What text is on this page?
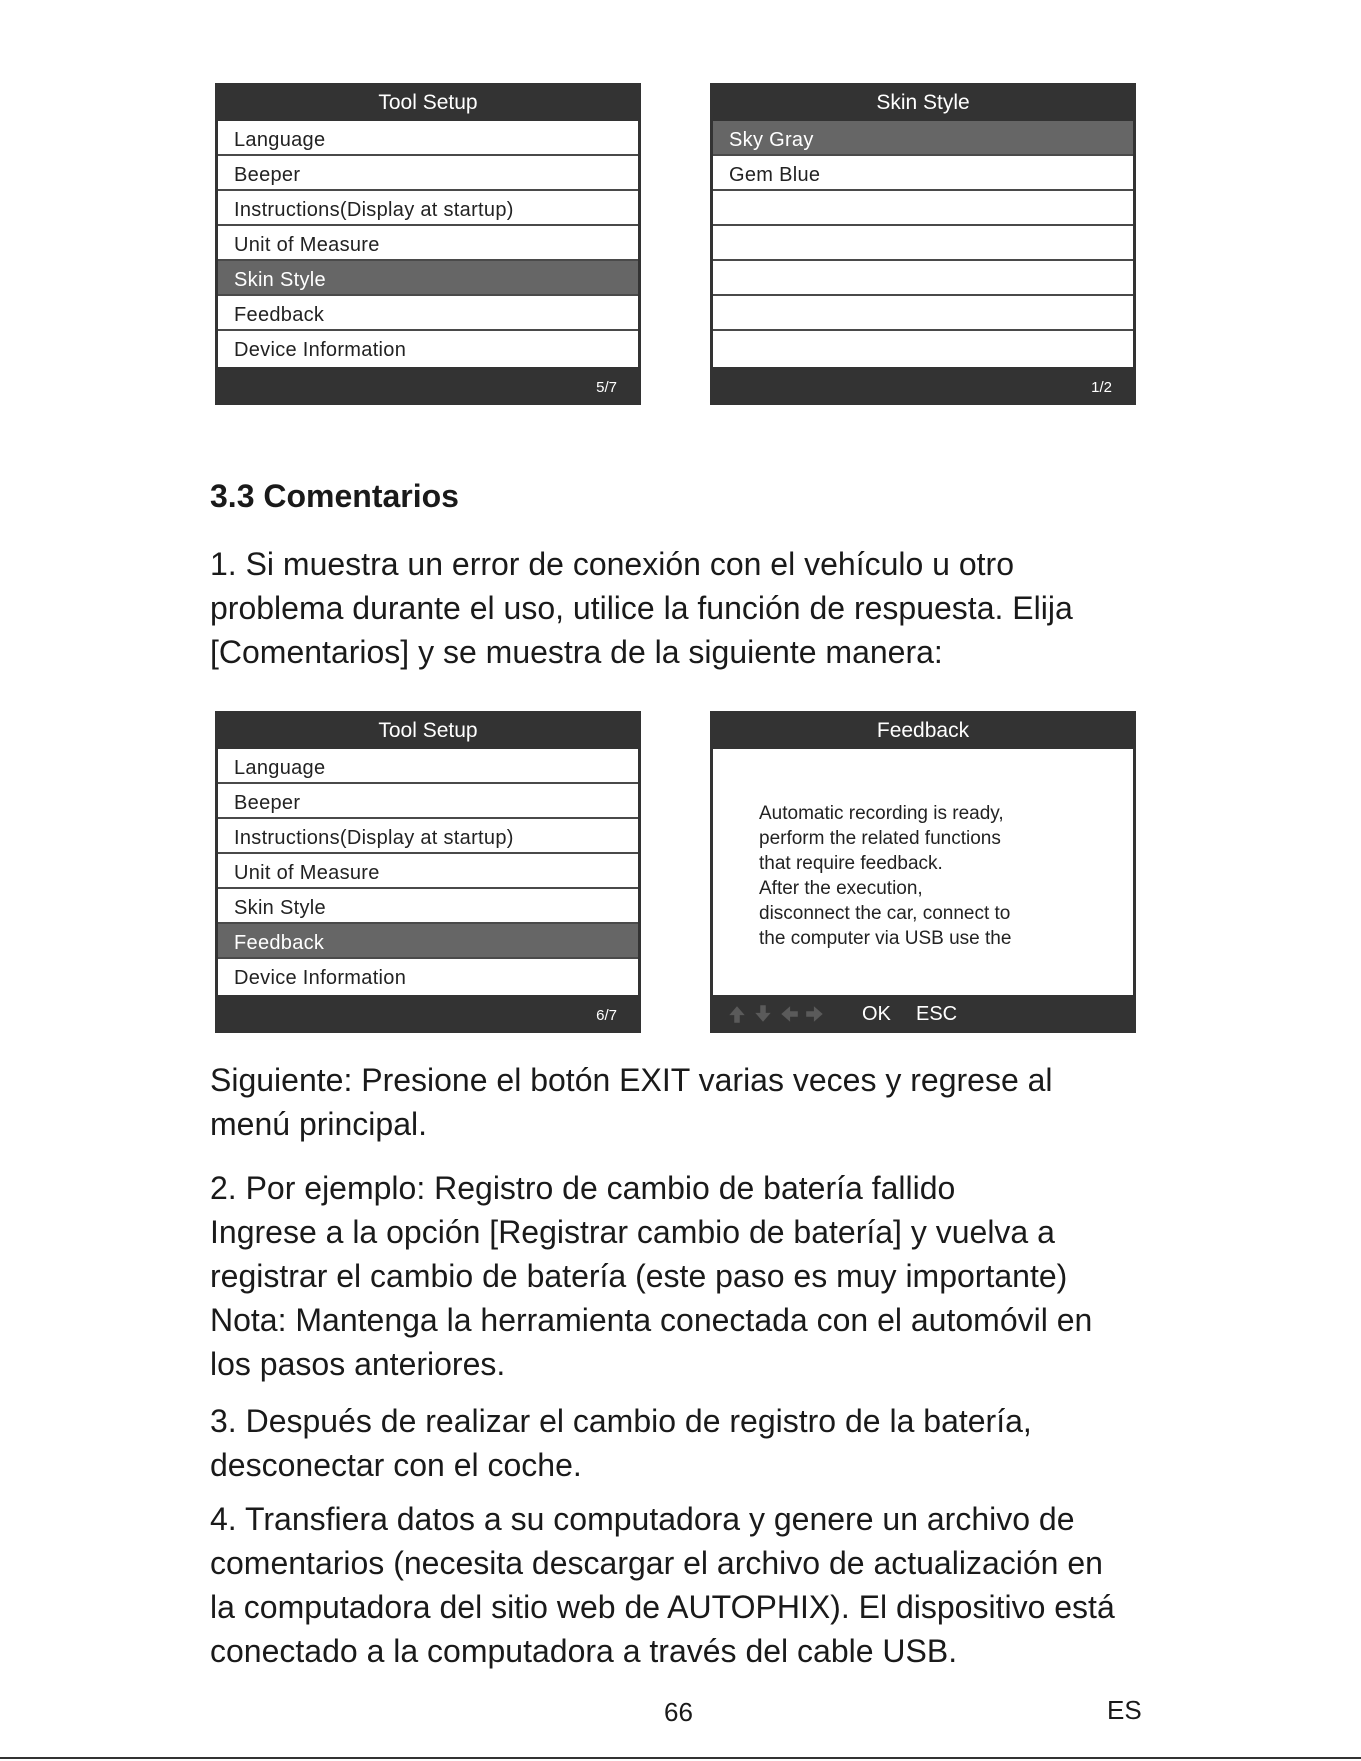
Tool Setup
Language
Beeper
Instructions(Display at startup)
Unit of Measure
Skin Style
Feedback
Device Information
5/7
Skin Style
Sky Gray
Gem Blue
1/2
3.3 Comentarios

1. Si muestra un error de conexión con el vehículo u otro
problema durante el uso, utilice la función de respuesta. Elija
[Comentarios] y se muestra de la siguiente manera:

Tool Setup
Language
Beeper
Instructions(Display at startup)
Unit of Measure
Skin Style
Feedback
Device Information
6/7
Feedback

Automatic recording is ready,
perform the related functions
that require feedback.
After the execution,
disconnect the car, connect to
the computer via USB use the

OK ESC

Siguiente: Presione el botón EXIT varias veces y regrese al
menú principal.

2. Por ejemplo: Registro de cambio de batería fallido
Ingrese a la opción [Registrar cambio de batería] y vuelva a
registrar el cambio de batería (este paso es muy importante)
Nota: Mantenga la herramienta conectada con el automóvil en
los pasos anteriores.

3. Después de realizar el cambio de registro de la batería,
desconectar con el coche.

4. Transfiera datos a su computadora y genere un archivo de
comentarios (necesita descargar el archivo de actualización en
la computadora del sitio web de AUTOPHIX). El dispositivo está
conectado a la computadora a través del cable USB.

66	ES
